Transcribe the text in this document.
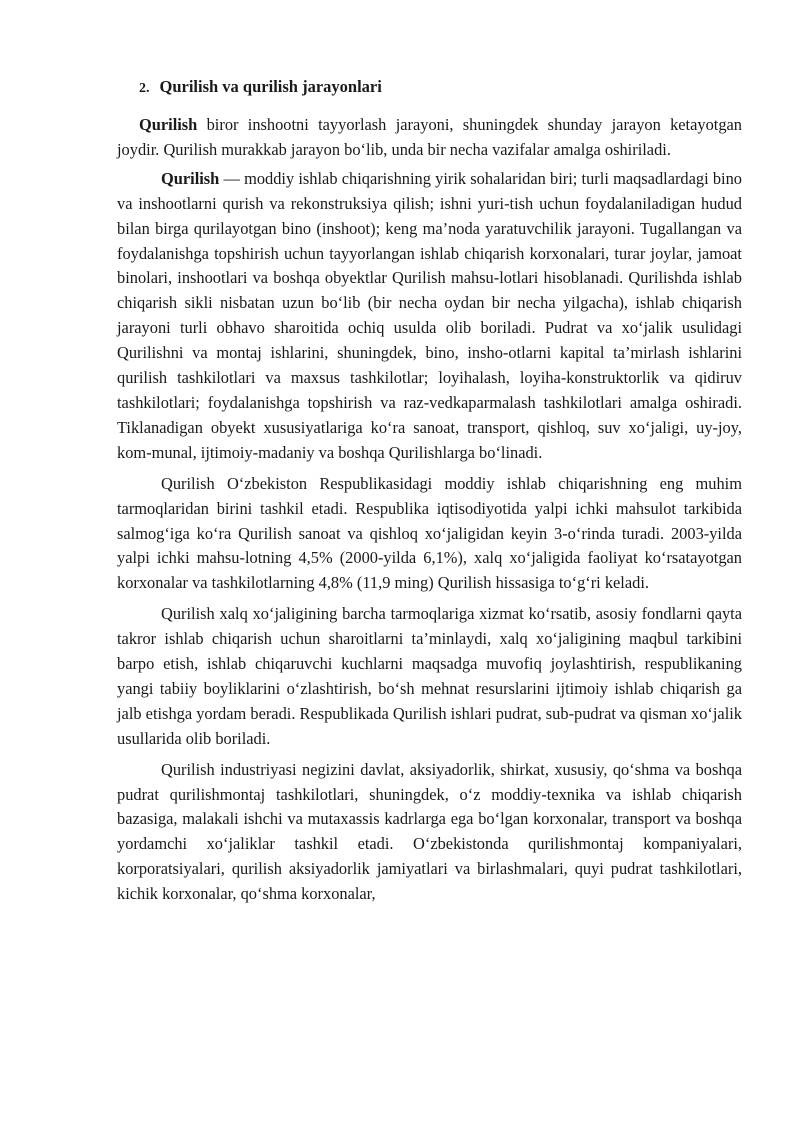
2. Qurilish va qurilish jarayonlari

Qurilish biror inshootni tayyorlash jarayoni, shuningdek shunday jarayon ketayotgan joydir. Qurilish murakkab jarayon bo‘lib, unda bir necha vazifalar amalga oshiriladi.

Qurilish — moddiy ishlab chiqarishning yirik sohalaridan biri; turli maqsadlardagi bino va inshootlarni qurish va rekonstruksiya qilish; ishni yuri-tish uchun foydalaniladigan hudud bilan birga qurilayotgan bino (inshoot); keng ma’noda yaratuvchilik jarayoni. Tugallangan va foydalanishga topshirish uchun tayyorlangan ishlab chiqarish korxonalari, turar joylar, jamoat binolari, inshootlari va boshqa obyektlar Qurilish mahsu-lotlari hisoblanadi. Qurilishda ishlab chiqarish sikli nisbatan uzun bo‘lib (bir necha oydan bir necha yilgacha), ishlab chiqarish jarayoni turli obhavo sharoitida ochiq usulda olib boriladi. Pudrat va xo‘jalik usulidagi Qurilishni va montaj ishlarini, shuningdek, bino, insho-otlarni kapital ta’mirlash ishlarini qurilish tashkilotlari va maxsus tashkilotlar; loyihalash, loyiha-konstruktorlik va qidiruv tashkilotlari; foydalanishga topshirish va raz-vedkaparmalash tashkilotlari amalga oshiradi. Tiklanadigan obyekt xususiyatlariga ko‘ra sanoat, transport, qishloq, suv xo‘jaligi, uy-joy, kom-munal, ijtimoiy-madaniy va boshqa Qurilishlarga bo‘linadi.

Qurilish O‘zbekiston Respublikasidagi moddiy ishlab chiqarishning eng muhim tarmoqlaridan birini tashkil etadi. Respublika iqtisodiyotida yalpi ichki mahsulot tarkibida salmog‘iga ko‘ra Qurilish sanoat va qishloq xo‘jaligidan keyin 3-o‘rinda turadi. 2003-yilda yalpi ichki mahsu-lotning 4,5% (2000-yilda 6,1%), xalq xo‘jaligida faoliyat ko‘rsatayotgan korxonalar va tashkilotlarning 4,8% (11,9 ming) Qurilish hissasiga to‘g‘ri keladi.

Qurilish xalq xo‘jaligining barcha tarmoqlariga xizmat ko‘rsatib, asosiy fondlarni qayta takror ishlab chiqarish uchun sharoitlarni ta’minlaydi, xalq xo‘jaligining maqbul tarkibini barpo etish, ishlab chiqaruvchi kuchlarni maqsadga muvofiq joylashtirish, respublikaning yangi tabiiy boyliklarini o‘zlashtirish, bo‘sh mehnat resurslarini ijtimoiy ishlab chiqarish ga jalb etishga yordam beradi. Respublikada Qurilish ishlari pudrat, sub-pudrat va qisman xo‘jalik usullarida olib boriladi.

Qurilish industriyasi negizini davlat, aksiyadorlik, shirkat, xususiy, qo‘shma va boshqa pudrat qurilishmontaj tashkilotlari, shuningdek, o‘z moddiy-texnika va ishlab chiqarish bazasiga, malakali ishchi va mutaxassis kadrlarga ega bo‘lgan korxonalar, transport va boshqa yordamchi xo‘jaliklar tashkil etadi. O‘zbekistonda qurilishmontaj kompaniyalari, korporatsiyalari, qurilish aksiyadorlik jamiyatlari va birlashmalari, quyi pudrat tashkilotlari, kichik korxonalar, qo‘shma korxonalar,
